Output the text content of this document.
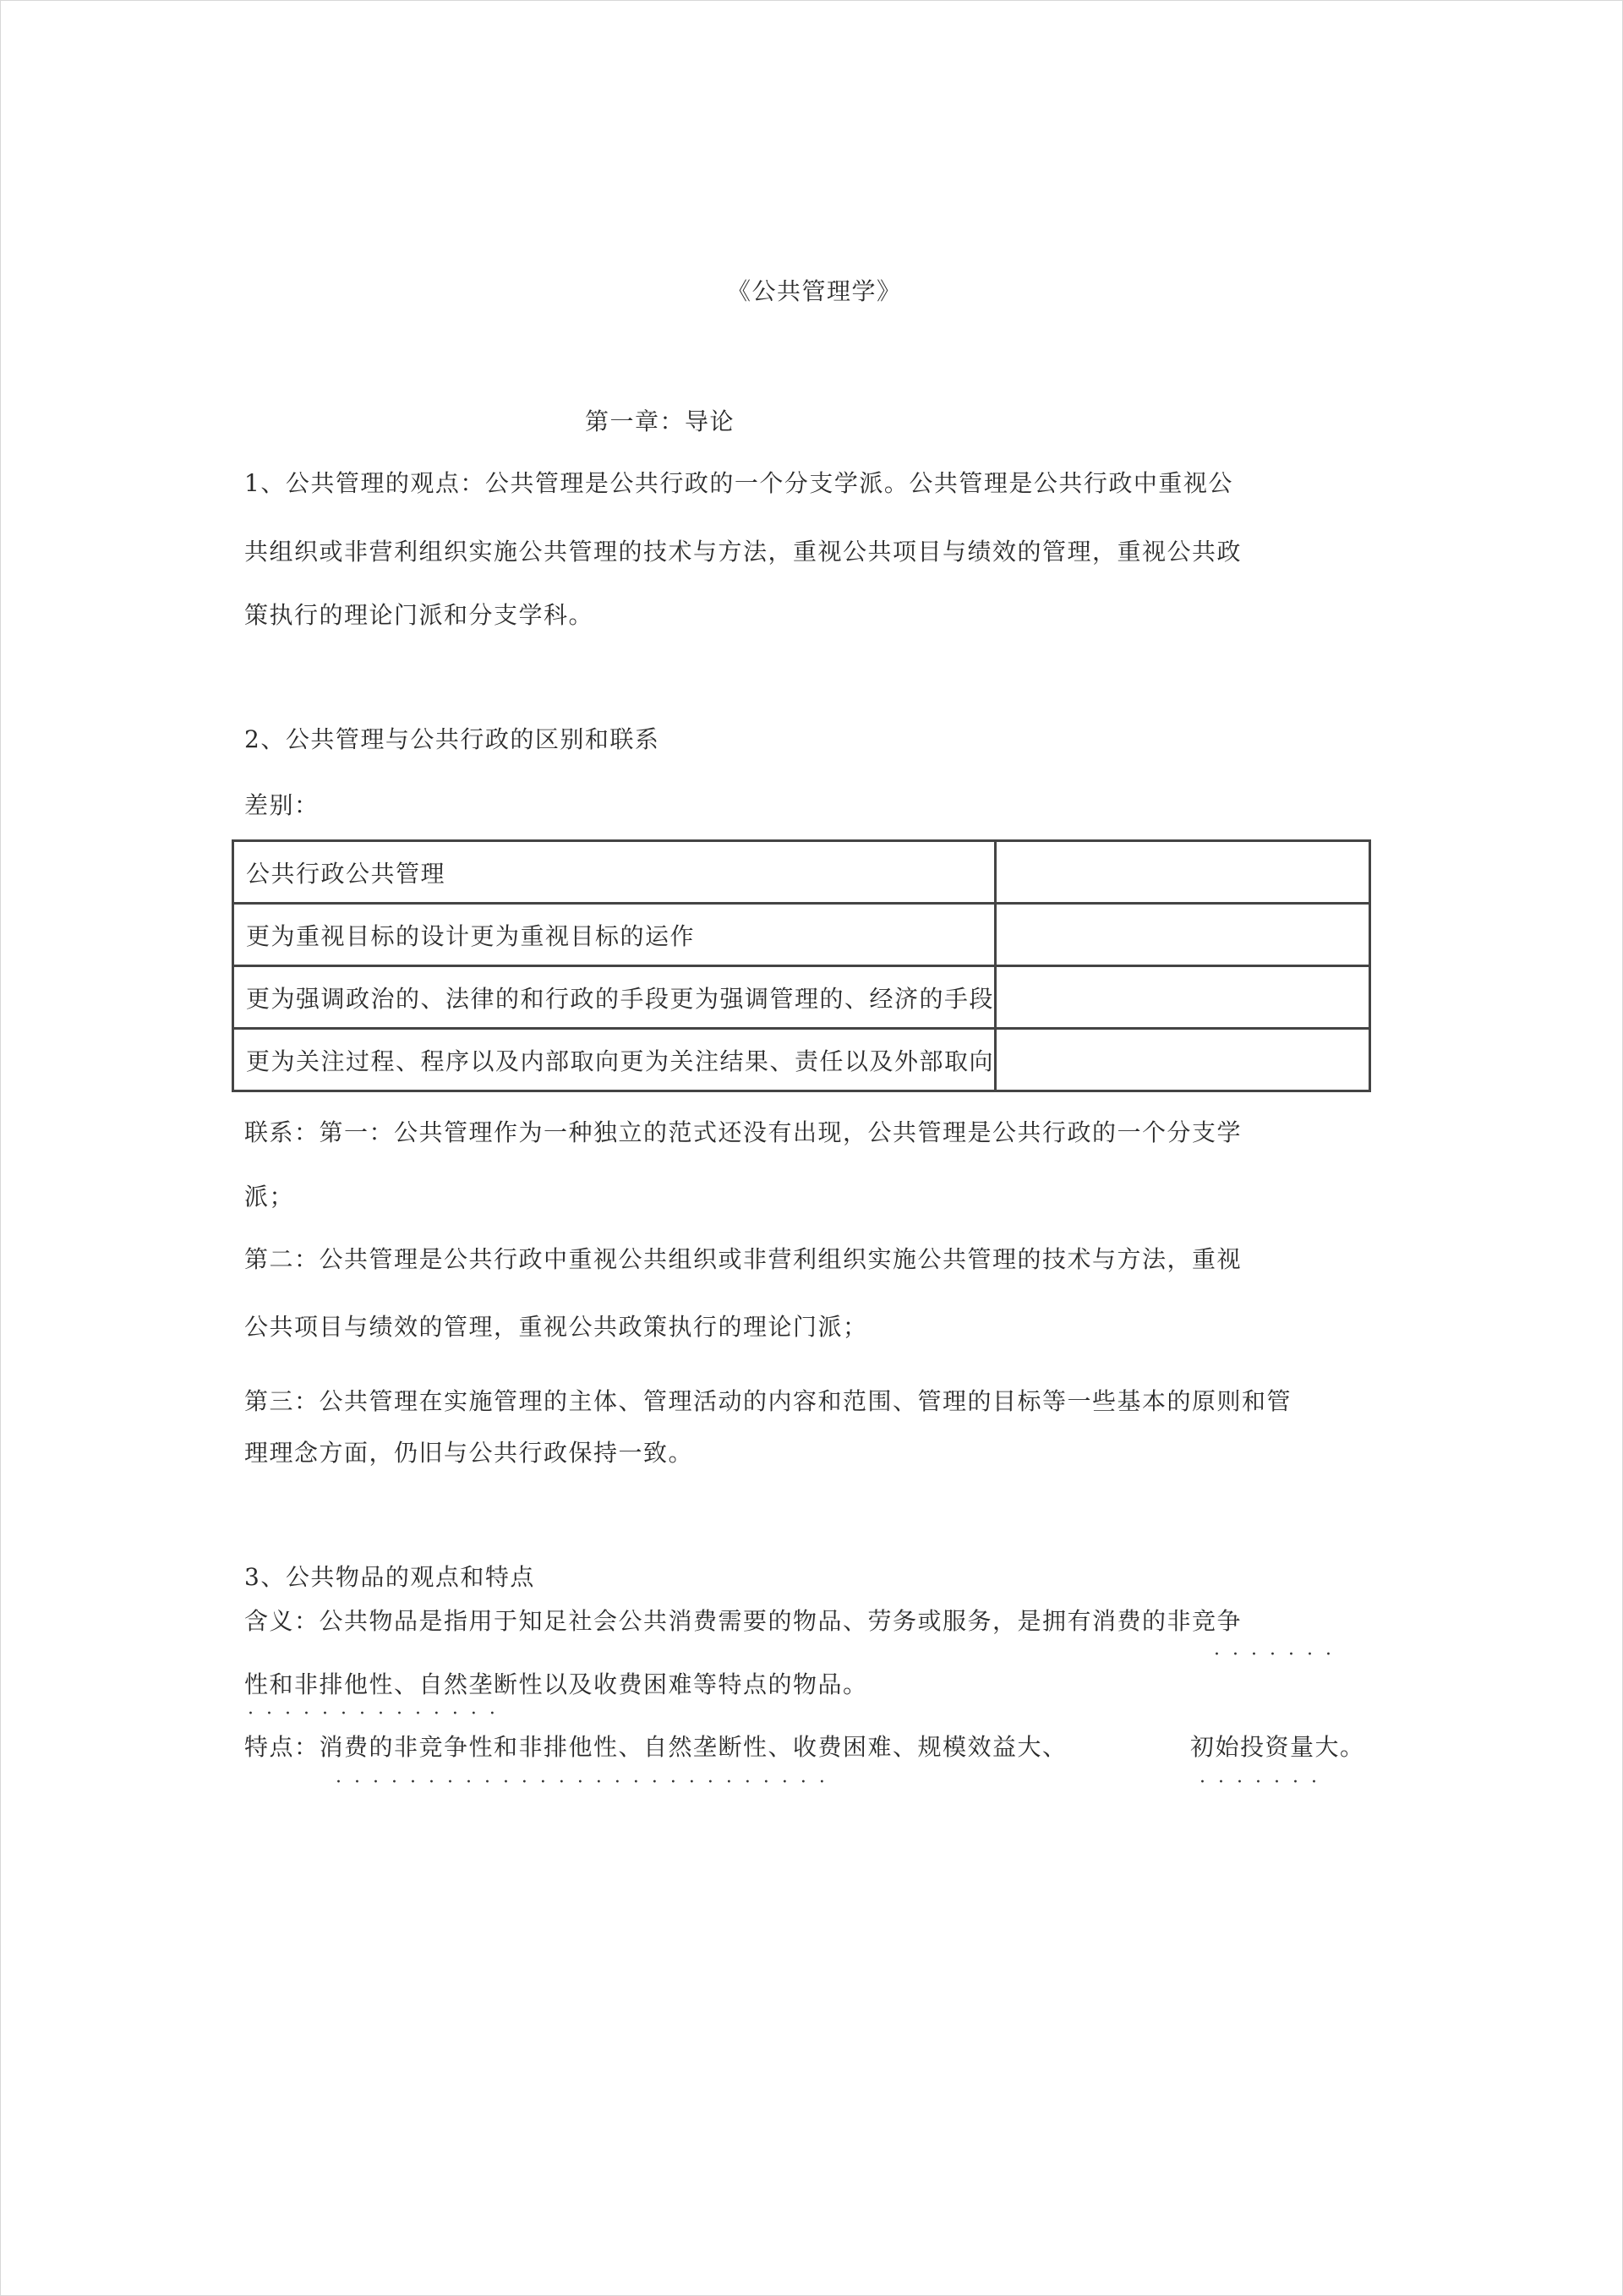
《公共管理学》
第一章：导论
1、公共管理的观点：公共管理是公共行政的一个分支学派。公共管理是公共行政中重视公
共组织或非营利组织实施公共管理的技术与方法，重视公共项目与绩效的管理，重视公共政
策执行的理论门派和分支学科。
2、公共管理与公共行政的区别和联系
差别：
公共行政公共管理	
更为重视目标的设计更为重视目标的运作	
更为强调政治的、法律的和行政的手段更为强调管理的、经济的手段	
更为关注过程、程序以及内部取向更为关注结果、责任以及外部取向	
联系：第一：公共管理作为一种独立的范式还没有出现，公共管理是公共行政的一个分支学
派；
第二：公共管理是公共行政中重视公共组织或非营利组织实施公共管理的技术与方法，重视
公共项目与绩效的管理，重视公共政策执行的理论门派；
第三：公共管理在实施管理的主体、管理活动的内容和范围、管理的目标等一些基本的原则和管
理理念方面，仍旧与公共行政保持一致。
3、公共物品的观点和特点
含义：公共物品是指用于知足社会公共消费需要的物品、劳务或服务，是拥有消费的非竞争
·······
性和非排他性、自然垄断性以及收费困难等特点的物品。
··············
特点：消费的非竞争性和非排他性、自然垄断性、收费困难、规模效益大、	初始投资量大。
···························	·······
